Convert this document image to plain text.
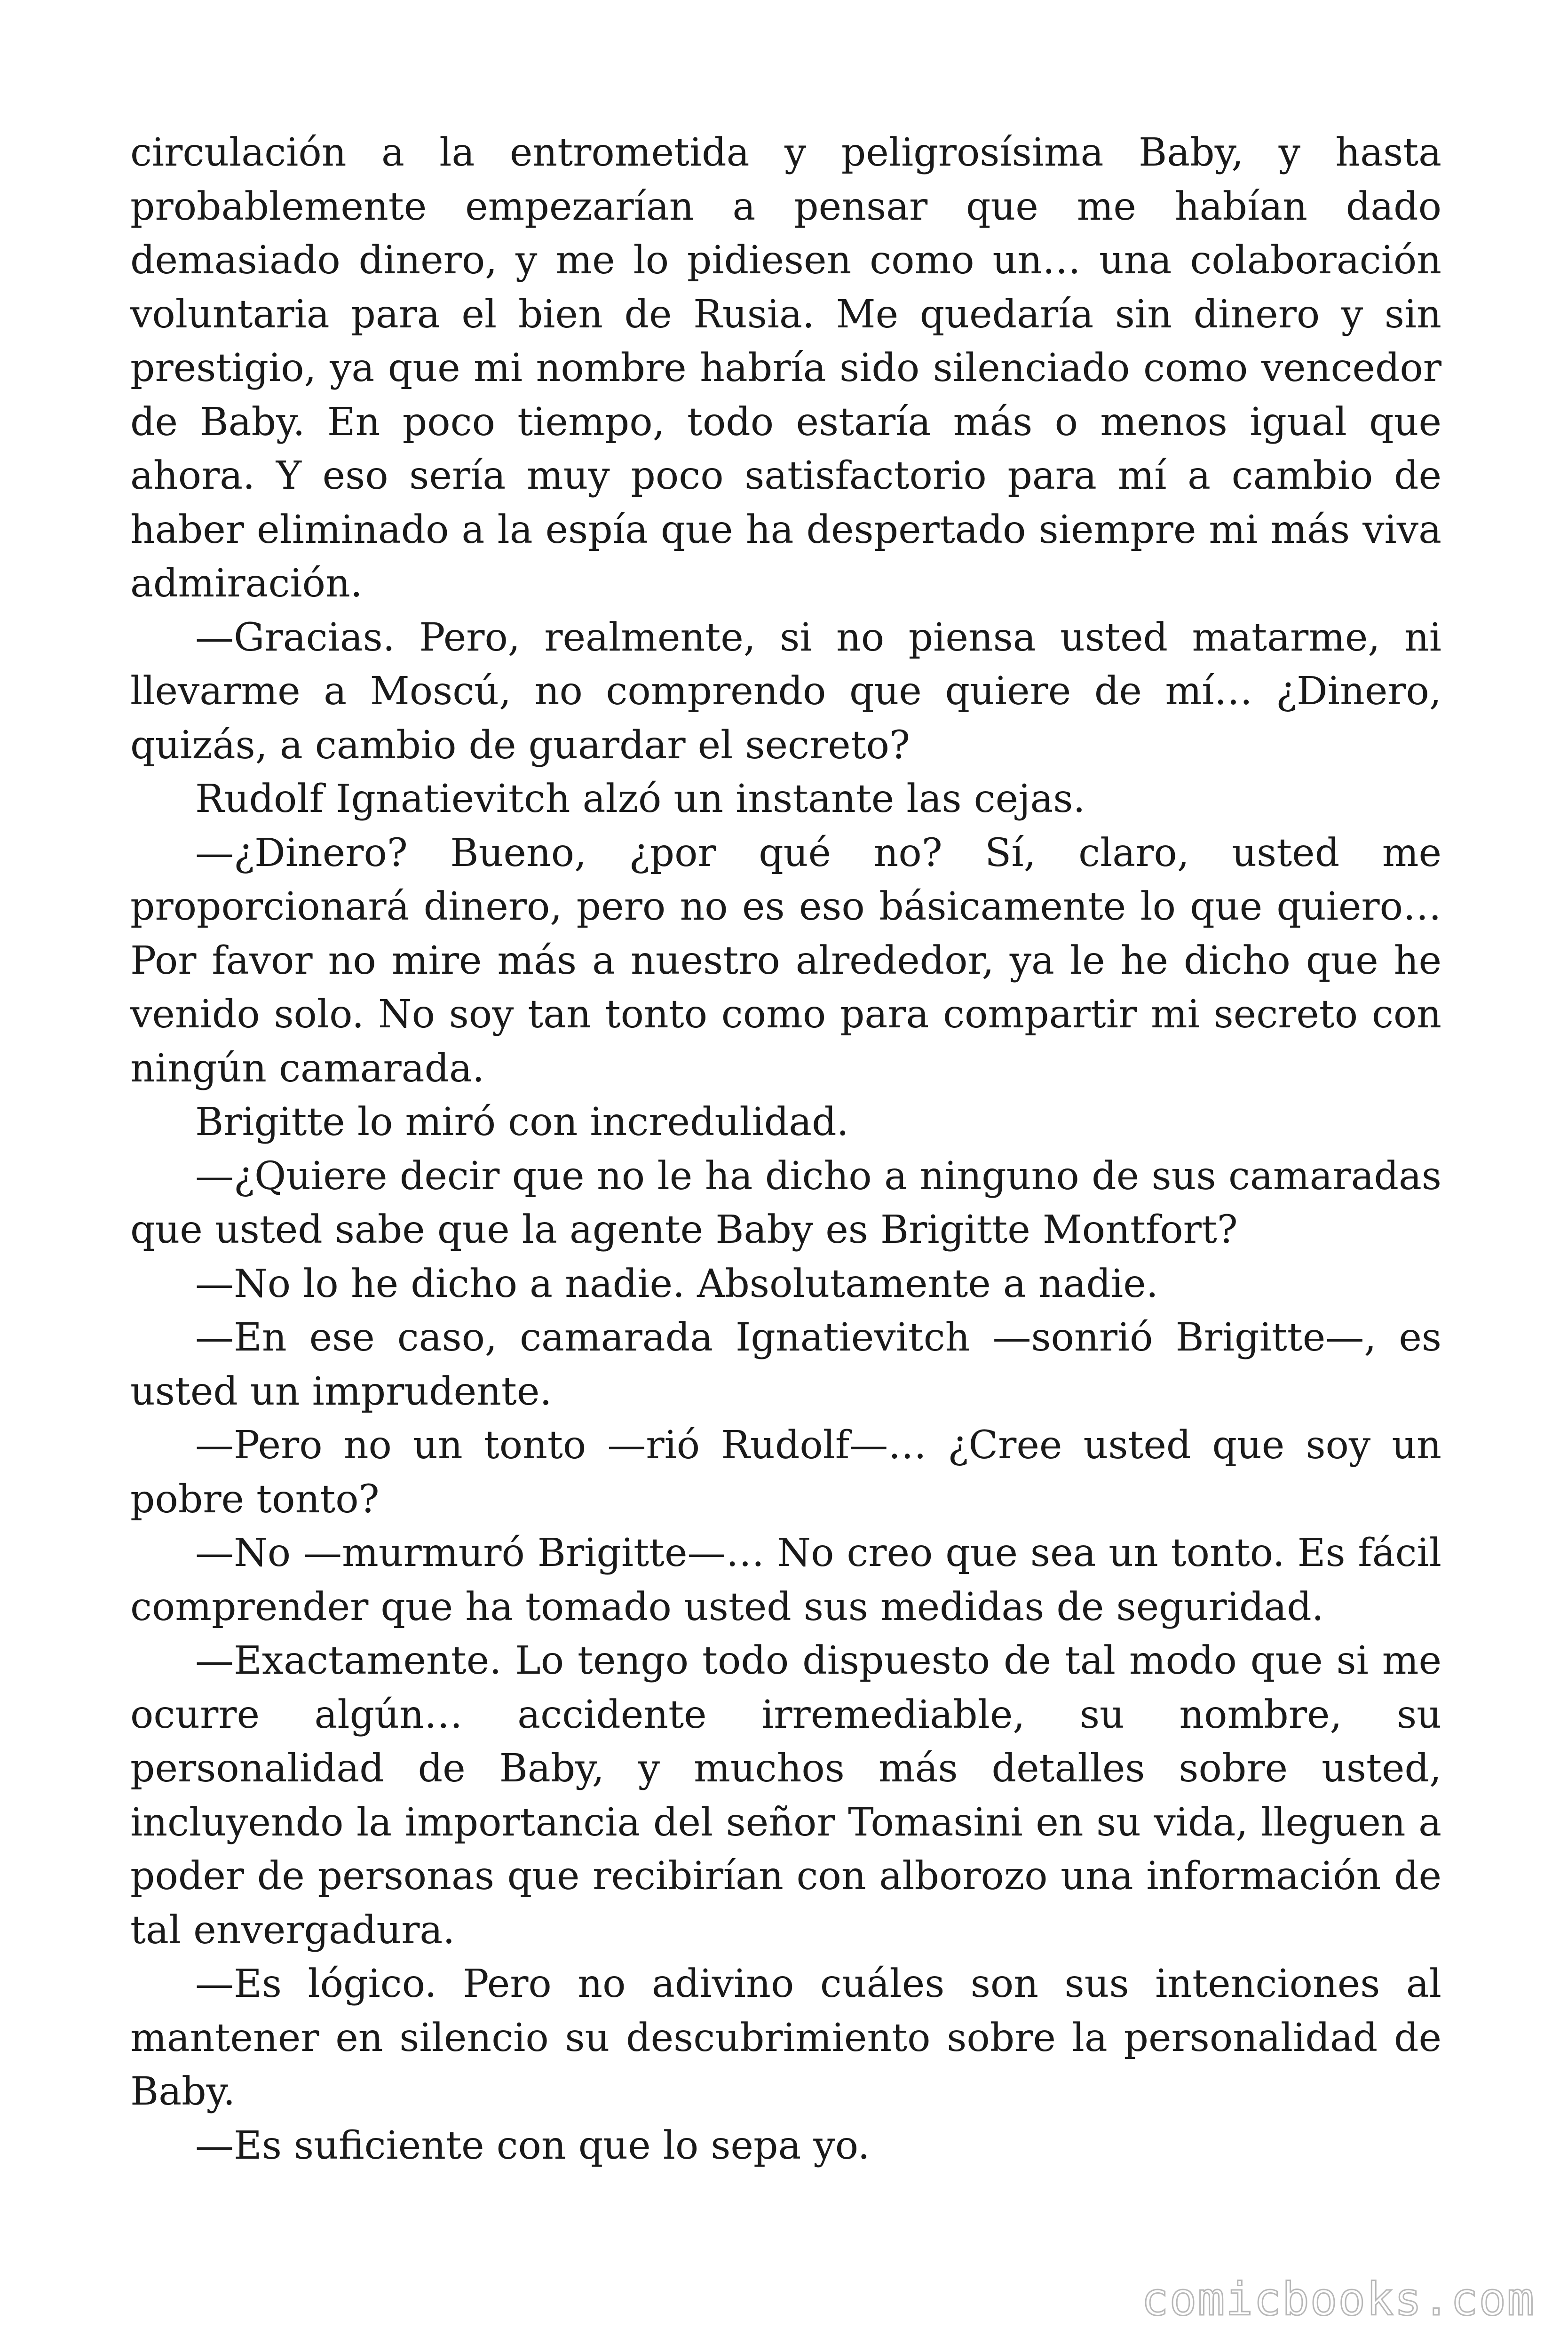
circulación a la entrometida y peligrosísima Baby, y hasta probablemente empezarían a pensar que me habían dado demasiado dinero, y me lo pidiesen como un… una colaboración voluntaria para el bien de Rusia. Me quedaría sin dinero y sin prestigio, ya que mi nombre habría sido silenciado como vencedor de Baby. En poco tiempo, todo estaría más o menos igual que ahora. Y eso sería muy poco satisfactorio para mí a cambio de haber eliminado a la espía que ha despertado siempre mi más viva admiración.

—Gracias. Pero, realmente, si no piensa usted matarme, ni llevarme a Moscú, no comprendo que quiere de mí… ¿Dinero, quizás, a cambio de guardar el secreto?

Rudolf Ignatievitch alzó un instante las cejas.

—¿Dinero? Bueno, ¿por qué no? Sí, claro, usted me proporcionará dinero, pero no es eso básicamente lo que quiero… Por favor no mire más a nuestro alrededor, ya le he dicho que he venido solo. No soy tan tonto como para compartir mi secreto con ningún camarada.

Brigitte lo miró con incredulidad.

—¿Quiere decir que no le ha dicho a ninguno de sus camaradas que usted sabe que la agente Baby es Brigitte Montfort?

—No lo he dicho a nadie. Absolutamente a nadie.

—En ese caso, camarada Ignatievitch —sonrió Brigitte—, es usted un imprudente.

—Pero no un tonto —rió Rudolf—… ¿Cree usted que soy un pobre tonto?

—No —murmuró Brigitte—… No creo que sea un tonto. Es fácil comprender que ha tomado usted sus medidas de seguridad.

—Exactamente. Lo tengo todo dispuesto de tal modo que si me ocurre algún… accidente irremediable, su nombre, su personalidad de Baby, y muchos más detalles sobre usted, incluyendo la importancia del señor Tomasini en su vida, lleguen a poder de personas que recibirían con alborozo una información de tal envergadura.

—Es lógico. Pero no adivino cuáles son sus intenciones al mantener en silencio su descubrimiento sobre la personalidad de Baby.

—Es suficiente con que lo sepa yo.

comicbooks.com
